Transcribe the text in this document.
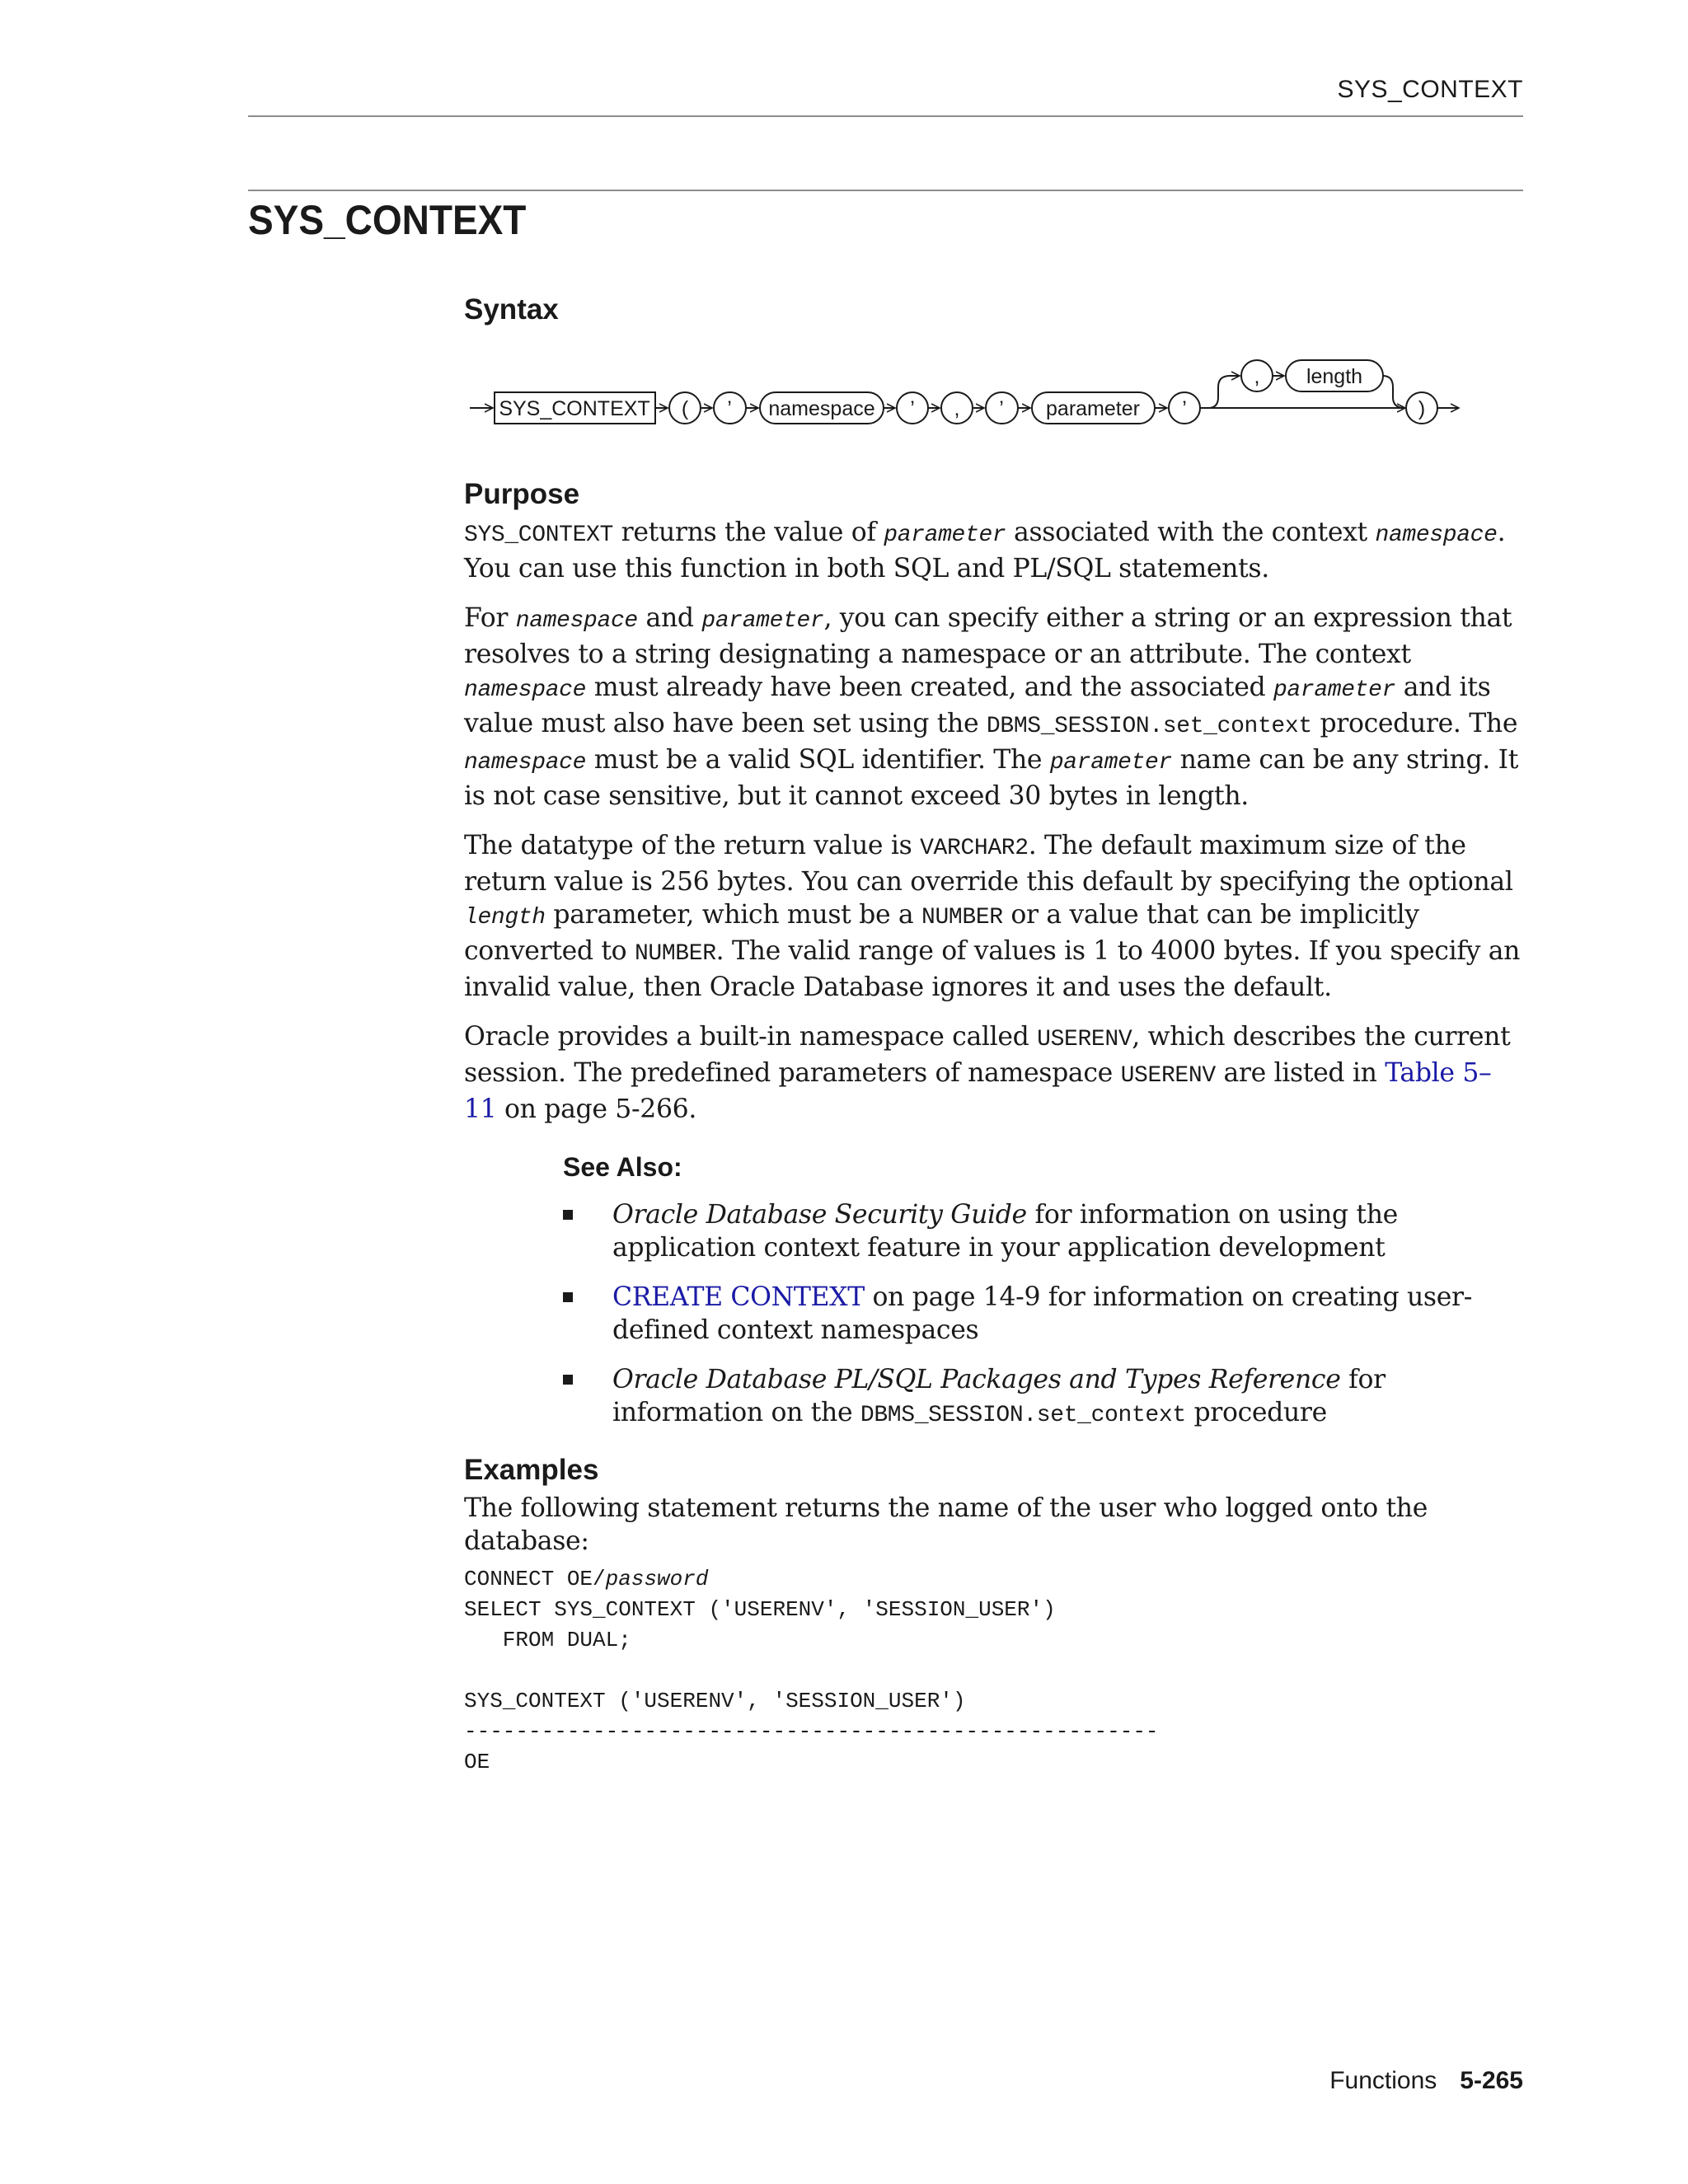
SYS_CONTEXT
SYS_CONTEXT
SYS_CONTEXT ( ’ namespace ’ , ’ parameter ’
, length
)
Syntax
Purpose

SYS_CONTEXT returns the value of parameter associated with the context namespace. You can use this function in both SQL and PL/SQL statements.

For namespace and parameter, you can specify either a string or an expression that resolves to a string designating a namespace or an attribute. The context namespace must already have been created, and the associated parameter and its value must also have been set using the DBMS_SESSION.set_context procedure. The namespace must be a valid SQL identifier. The parameter name can be any string. It is not case sensitive, but it cannot exceed 30 bytes in length.

The datatype of the return value is VARCHAR2. The default maximum size of the return value is 256 bytes. You can override this default by specifying the optional length parameter, which must be a NUMBER or a value that can be implicitly converted to NUMBER. The valid range of values is 1 to 4000 bytes. If you specify an invalid value, then Oracle Database ignores it and uses the default.

Oracle provides a built-in namespace called USERENV, which describes the current session. The predefined parameters of namespace USERENV are listed in Table 5–11 on page 5-266.

See Also:
Oracle Database Security Guide for information on using the application context feature in your application development
CREATE CONTEXT on page 14-9 for information on creating user-defined context namespaces
Oracle Database PL/SQL Packages and Types Reference for information on the DBMS_SESSION.set_context procedure
Examples

The following statement returns the name of the user who logged onto the database:

CONNECT OE/password
SELECT SYS_CONTEXT ('USERENV', 'SESSION_USER')
FROM DUAL;

SYS_CONTEXT ('USERENV', 'SESSION_USER')
------------------------------------------------------
OE
Functions 5-265
